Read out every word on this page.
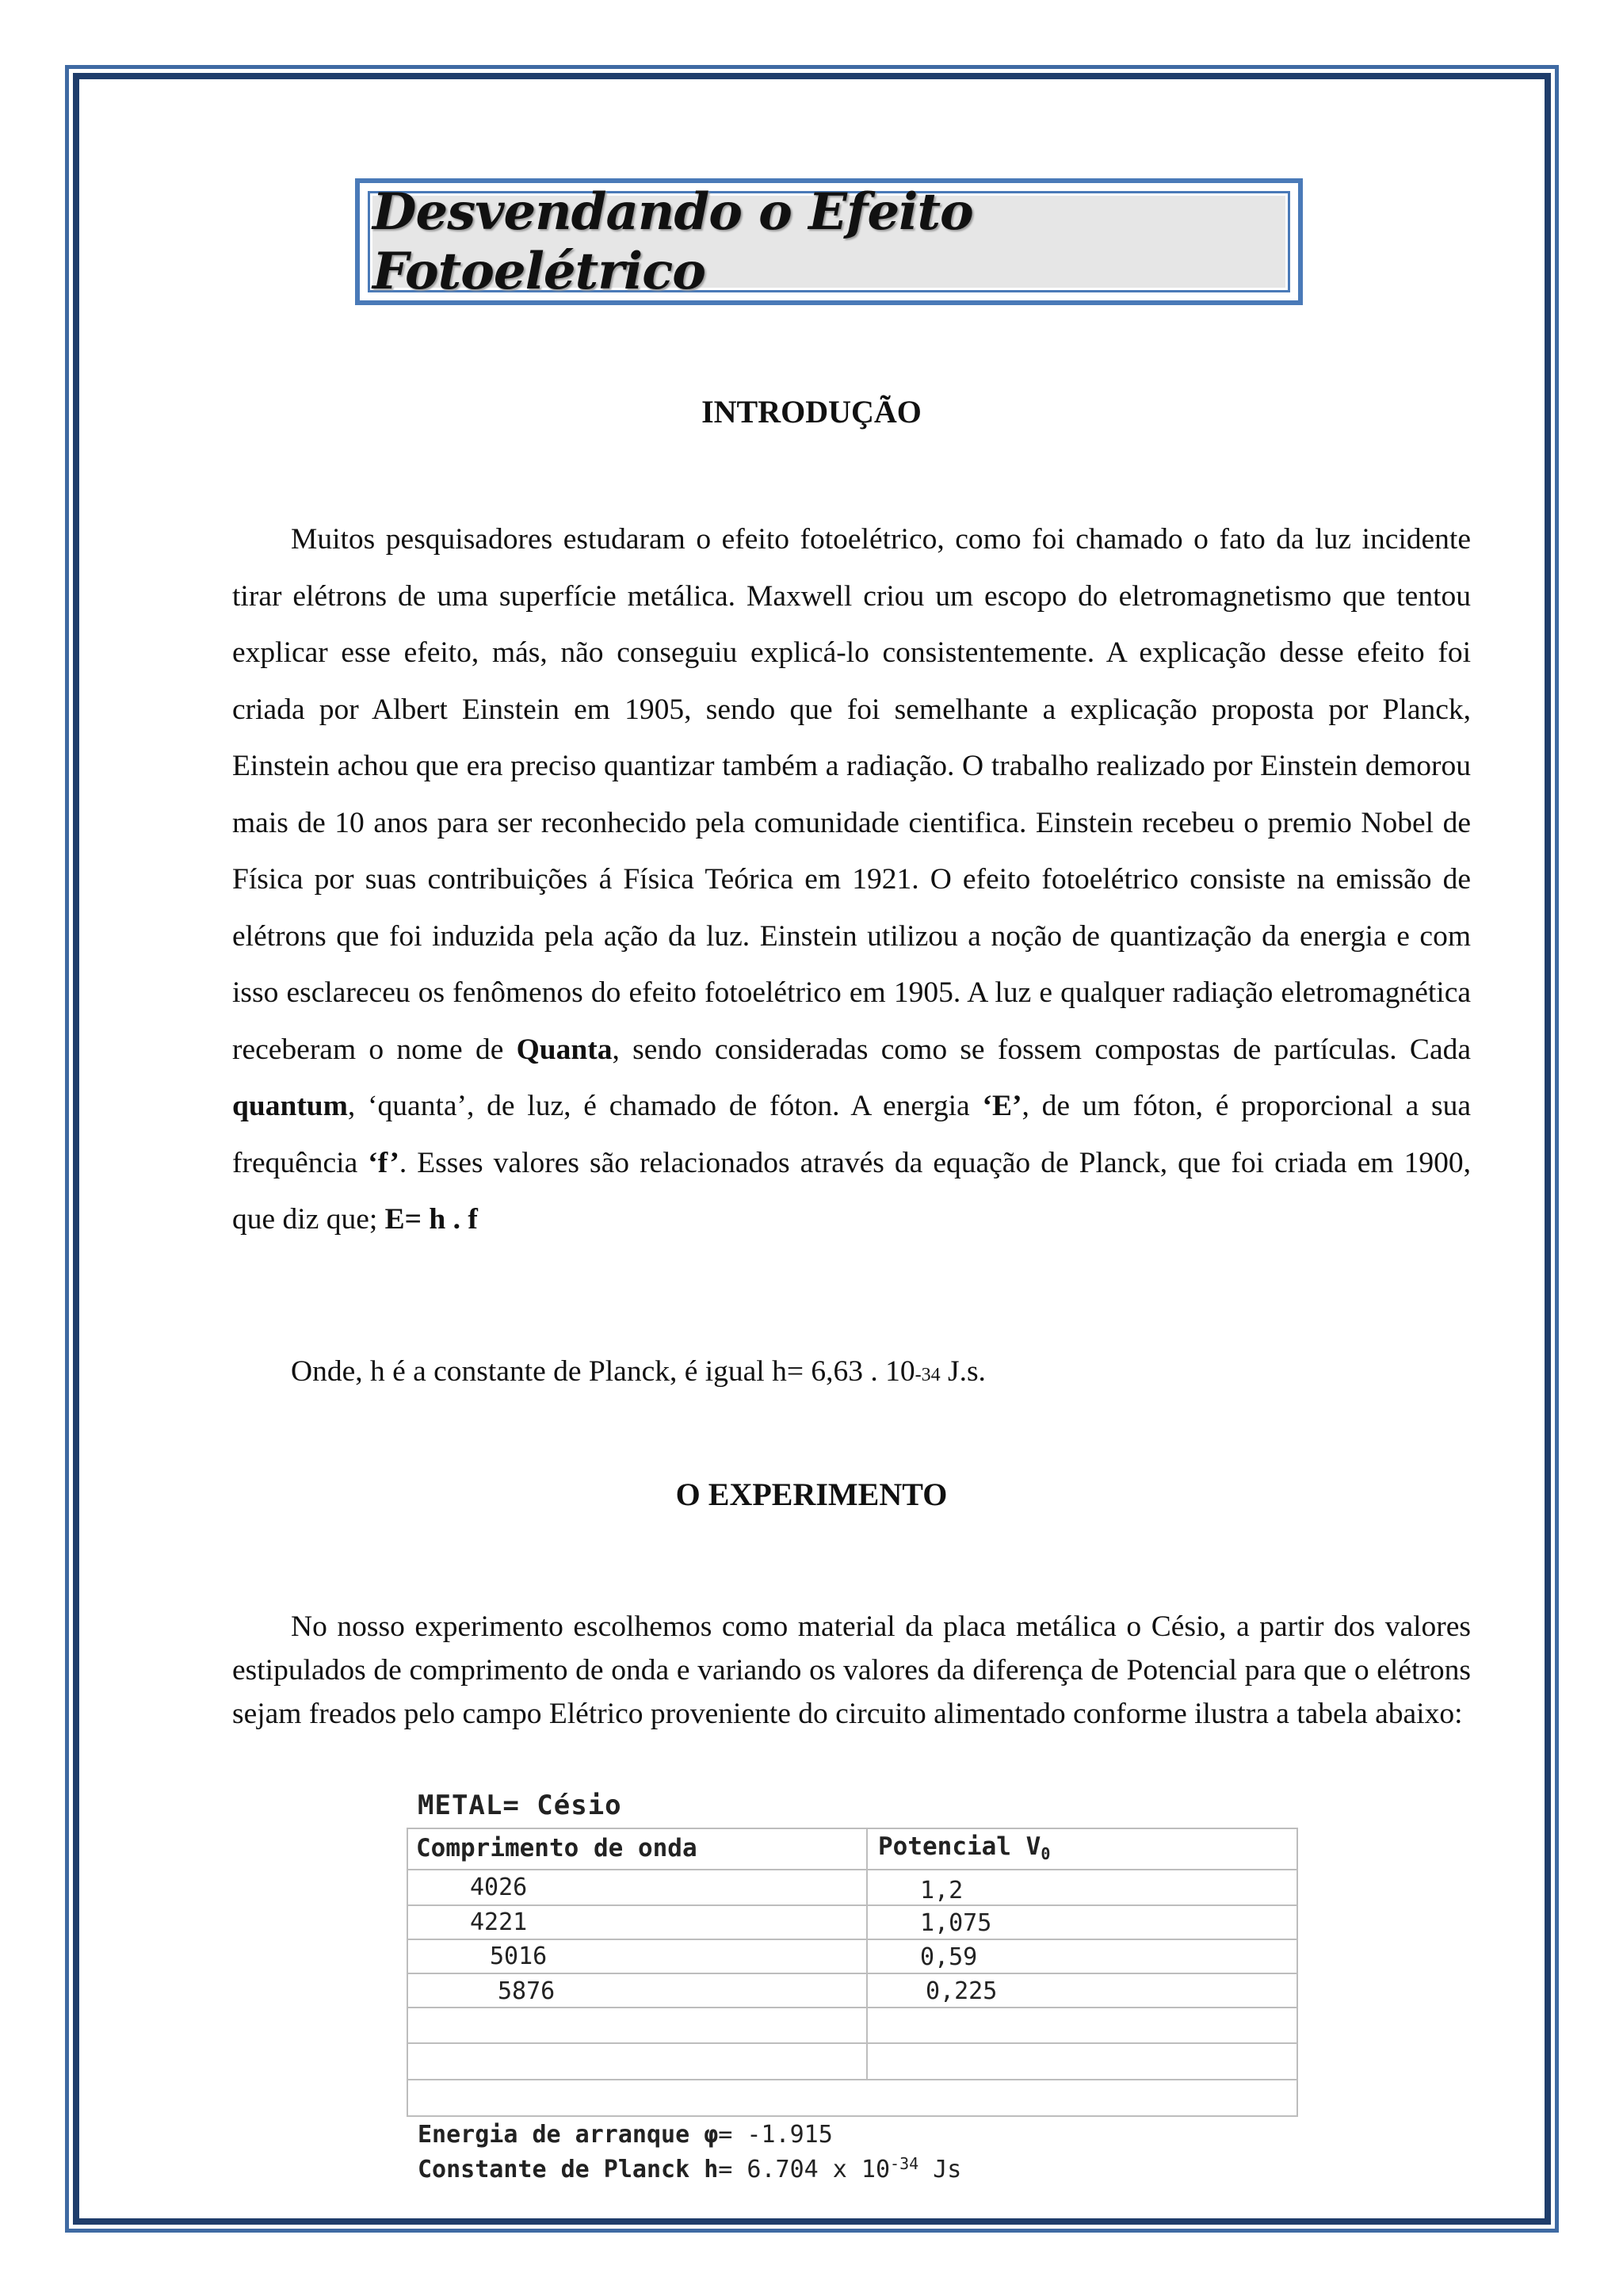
Desvendando o Efeito Fotoelétrico
INTRODUÇÃO
Muitos pesquisadores estudaram o efeito fotoelétrico, como foi chamado o fato da luz incidente tirar elétrons de uma superfície metálica. Maxwell criou um escopo do eletromagnetismo que tentou explicar esse efeito, más, não conseguiu explicá-lo consistentemente. A explicação desse efeito foi criada por Albert Einstein em 1905, sendo que foi semelhante a explicação proposta por Planck, Einstein achou que era preciso quantizar também a radiação. O trabalho realizado por Einstein demorou mais de 10 anos para ser reconhecido pela comunidade cientifica. Einstein recebeu o premio Nobel de Física por suas contribuições á Física Teórica em 1921. O efeito fotoelétrico consiste na emissão de elétrons que foi induzida pela ação da luz. Einstein utilizou a noção de quantização da energia e com isso esclareceu os fenômenos do efeito fotoelétrico em 1905. A luz e qualquer radiação eletromagnética receberam o nome de Quanta, sendo consideradas como se fossem compostas de partículas. Cada quantum, ‘quanta’, de luz, é chamado de fóton. A energia ‘E’, de um fóton, é proporcional a sua frequência ‘f’. Esses valores são relacionados através da equação de Planck, que foi criada em 1900, que diz que; E= h . f
Onde, h é a constante de Planck, é igual h= 6,63 . 10-34 J.s.
O EXPERIMENTO
No nosso experimento escolhemos como material da placa metálica o Césio, a partir dos valores estipulados de comprimento de onda e variando os valores da diferença de Potencial para que o elétrons sejam freados pelo campo Elétrico proveniente do circuito alimentado conforme ilustra a tabela abaixo:
METAL= Césio
Comprimento de onda	Potencial V0
4026	1,2
4221	1,075
5016	0,59
5876	0,225
Energia de arranque φ= -1.915
Constante de Planck h= 6.704 x $10^{-34}$ Js
